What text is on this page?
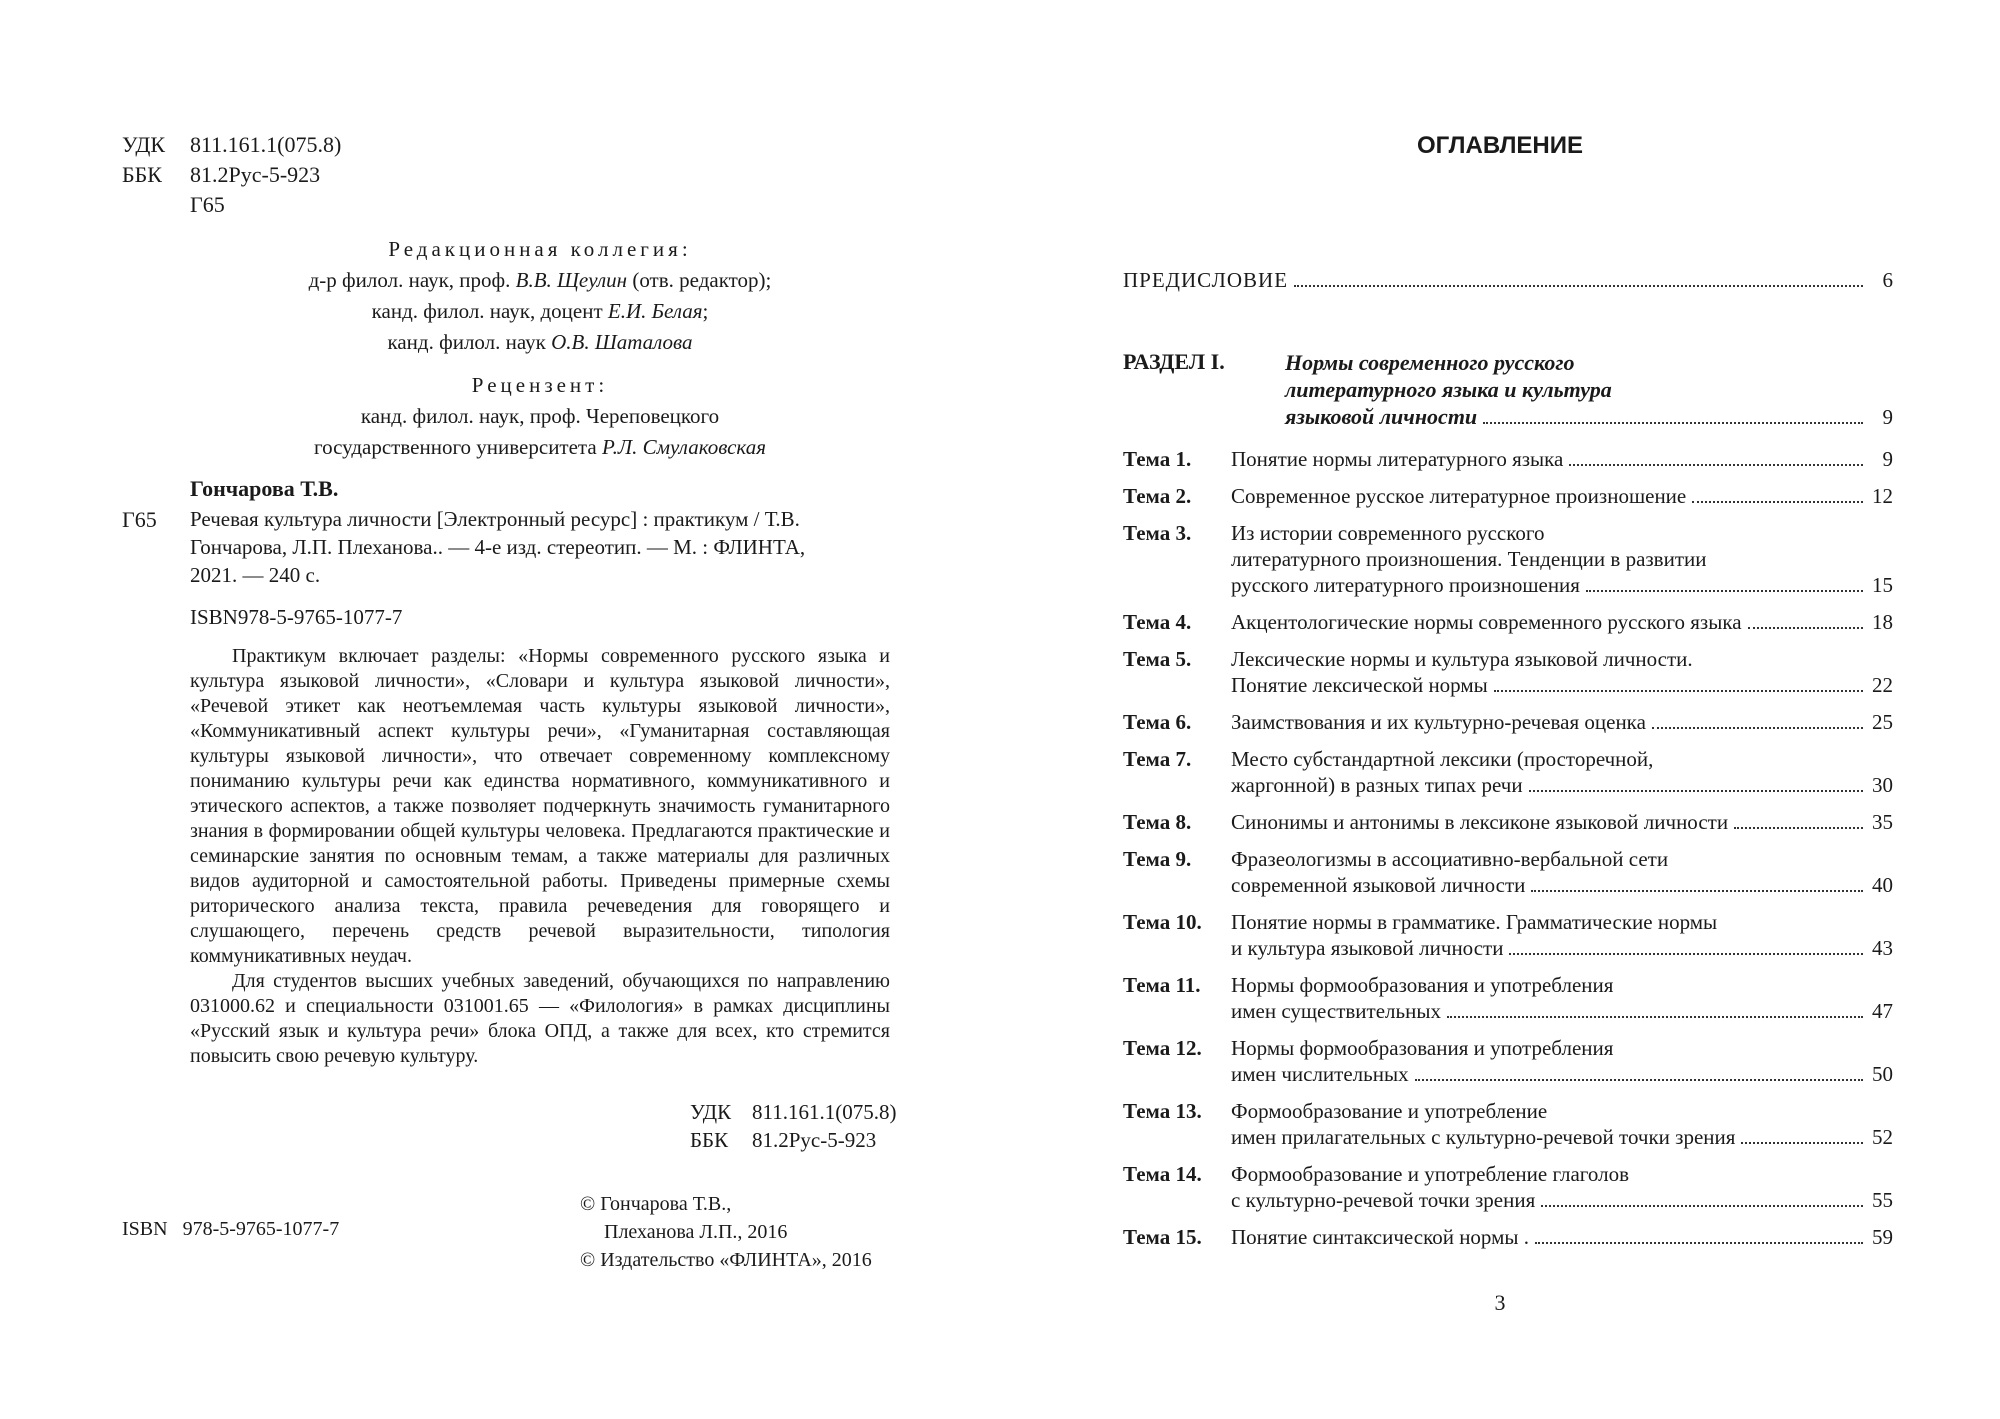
УДК	811.161.1(075.8)
ББК	81.2Рус-5-923
Г65
Редакционная коллегия:
д-р филол. наук, проф. В.В. Щеулин (отв. редактор);
канд. филол. наук, доцент Е.И. Белая;
канд. филол. наук О.В. Шаталова
Рецензент:
канд. филол. наук, проф. Череповецкого
государственного университета Р.Л. Смулаковская
Гончарова Т.В.
Г65 Речевая культура личности [Электронный ресурс] : практикум / Т.В.
Гончарова, Л.П. Плеханова.. — 4-е изд. стереотип. — М. : ФЛИНТА,
2021. — 240 с.
ISBN978-5-9765-1077-7

Практикум включает разделы: «Нормы современного русского языка и культура языковой личности», «Словари и культура языковой личности», «Речевой этикет как неотъемлемая часть культуры языковой личности», «Коммуникативный аспект культуры речи», «Гуманитарная составляющая культуры языковой личности», что отвечает современному комплексному пониманию культуры речи как единства нормативного, коммуникативного и этического аспектов, а также позволяет подчеркнуть значимость гуманитарного знания в формировании общей культуры человека. Предлагаются практические и семинарские занятия по основным темам, а также материалы для различных видов аудиторной и самостоятельной работы. Приведены примерные схемы риторического анализа текста, правила речеведения для говорящего и слушающего, перечень средств речевой выразительности, типология коммуникативных неудач.

Для студентов высших учебных заведений, обучающихся по направлению 031000.62 и специальности 031001.65 — «Филология» в рамках дисциплины «Русский язык и культура речи» блока ОПД, а также для всех, кто стремится повысить свою речевую культуру.

УДК 811.161.1(075.8)
ББК	81.2Рус-5-923
ISBN 978-5-9765-1077-7
© Гончарова Т.В.,
Плеханова Л.П., 2016
© Издательство «ФЛИНТА», 2016
ОГЛАВЛЕНИЕ
ПРЕДИСЛОВИЕ	6
РАЗДЕЛ I.	Нормы современного русского
литературного языка и культура
языковой личности	9
Тема 1.	Понятие нормы литературного языка	9
Тема 2.	Современное русское литературное произношение	12
Тема 3.	Из истории современного русского
литературного произношения. Тенденции в развитии
русского литературного произношения	15
Тема 4.	Акцентологические нормы современного русского языка	18
Тема 5.	Лексические нормы и культура языковой личности.
Понятие лексической нормы	22
Тема 6.	Заимствования и их культурно-речевая оценка	25
Тема 7.	Место субстандартной лексики (просторечной,
жаргонной) в разных типах речи	30
Тема 8.	Синонимы и антонимы в лексиконе языковой личности	35
Тема 9.	Фразеологизмы в ассоциативно-вербальной сети
современной языковой личности	40
Тема 10.	Понятие нормы в грамматике. Грамматические нормы
и культура языковой личности	43
Тема 11.	Нормы формообразования и употребления
имен существительных	47
Тема 12.	Нормы формообразования и употребления
имен числительных	50
Тема 13.	Формообразование и употребление
имен прилагательных с культурно-речевой точки зрения	52
Тема 14.	Формообразование и употребление глаголов
с культурно-речевой точки зрения	55
Тема 15.	Понятие синтаксической нормы .	59
3
